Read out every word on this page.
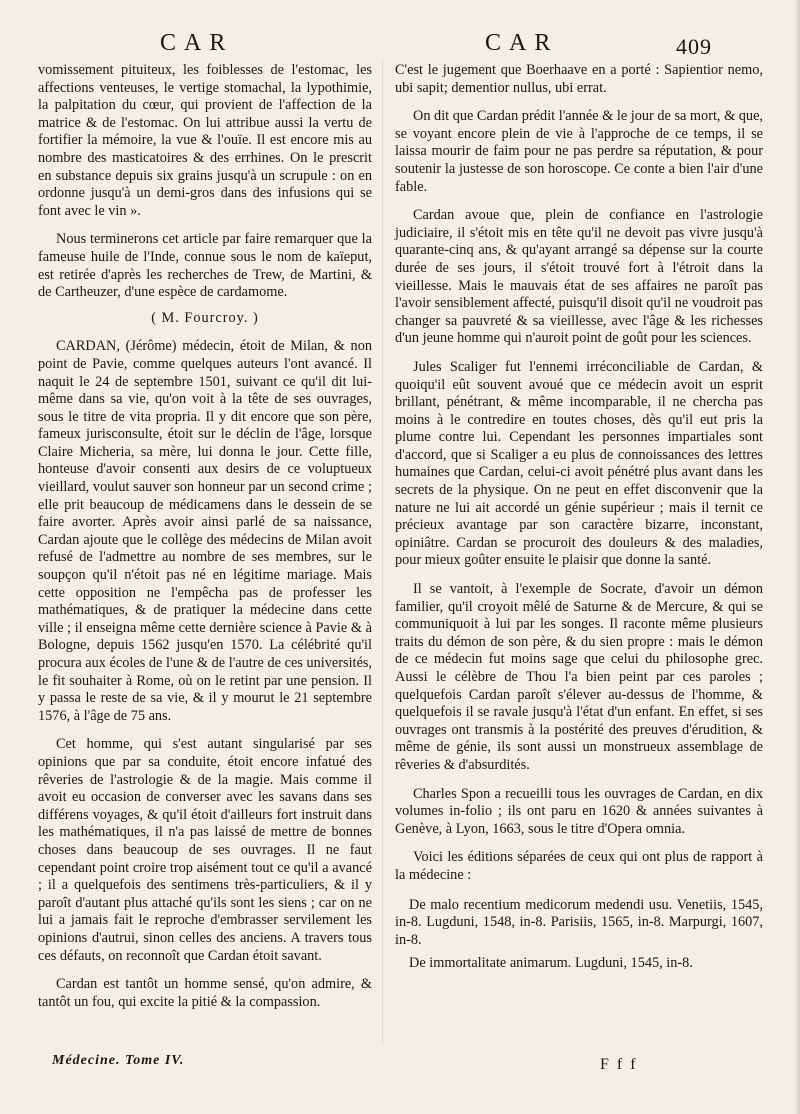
CAR	CAR	409

vomissement pituiteux, les foiblesses de l'estomac, les affections venteuses, le vertige stomachal, la lypothimie, la palpitation du cœur, qui provient de l'affection de la matrice & de l'estomac. On lui attribue aussi la vertu de fortifier la mémoire, la vue & l'ouïe. Il est encore mis au nombre des masticatoires & des errhines. On le prescrit en substance depuis six grains jusqu'à un scrupule : on en ordonne jusqu'à un demi-gros dans des infusions qui se font avec le vin ».

Nous terminerons cet article par faire remarquer que la fameuse huile de l'Inde, connue sous le nom de kaïeput, est retirée d'après les recherches de Trew, de Martini, & de Cartheuzer, d'une espèce de cardamome.

( M. Fourcroy. )

CARDAN, (Jérôme) médecin, étoit de Milan, & non point de Pavie, comme quelques auteurs l'ont avancé. Il naquit le 24 de septembre 1501, suivant ce qu'il dit lui-même dans sa vie, qu'on voit à la tête de ses ouvrages, sous le titre de vita propria. Il y dit encore que son père, fameux jurisconsulte, étoit sur le déclin de l'âge, lorsque Claire Micheria, sa mère, lui donna le jour. Cette fille, honteuse d'avoir consenti aux desirs de ce voluptueux vieillard, voulut sauver son honneur par un second crime ; elle prit beaucoup de médicamens dans le dessein de se faire avorter. Après avoir ainsi parlé de sa naissance, Cardan ajoute que le collège des médecins de Milan avoit refusé de l'admettre au nombre de ses membres, sur le soupçon qu'il n'étoit pas né en légitime mariage. Mais cette opposition ne l'empêcha pas de professer les mathématiques, & de pratiquer la médecine dans cette ville ; il enseigna même cette dernière science à Pavie & à Bologne, depuis 1562 jusqu'en 1570. La célébrité qu'il procura aux écoles de l'une & de l'autre de ces universités, le fit souhaiter à Rome, où on le retint par une pension. Il y passa le reste de sa vie, & il y mourut le 21 septembre 1576, à l'âge de 75 ans.

Cet homme, qui s'est autant singularisé par ses opinions que par sa conduite, étoit encore infatué des rêveries de l'astrologie & de la magie. Mais comme il avoit eu occasion de converser avec les savans dans ses différens voyages, & qu'il étoit d'ailleurs fort instruit dans les mathématiques, il n'a pas laissé de mettre de bonnes choses dans beaucoup de ses ouvrages. Il ne faut cependant point croire trop aisément tout ce qu'il a avancé ; il a quelquefois des sentimens très-particuliers, & il y paroît d'autant plus attaché qu'ils sont les siens ; car on ne lui a jamais fait le reproche d'embrasser servilement les opinions d'autrui, sinon celles des anciens. A travers tous ces défauts, on reconnoît que Cardan étoit savant.

Cardan est tantôt un homme sensé, qu'on admire, & tantôt un fou, qui excite la pitié & la compassion.

C'est le jugement que Boerhaave en a porté : Sapientior nemo, ubi sapit; dementior nullus, ubi errat.

On dit que Cardan prédit l'année & le jour de sa mort, & que, se voyant encore plein de vie à l'approche de ce temps, il se laissa mourir de faim pour ne pas perdre sa réputation, & pour soutenir la justesse de son horoscope. Ce conte a bien l'air d'une fable.

Cardan avoue que, plein de confiance en l'astrologie judiciaire, il s'étoit mis en tête qu'il ne devoit pas vivre jusqu'à quarante-cinq ans, & qu'ayant arrangé sa dépense sur la courte durée de ses jours, il s'étoit trouvé fort à l'étroit dans la vieillesse. Mais le mauvais état de ses affaires ne paroît pas l'avoir sensiblement affecté, puisqu'il disoit qu'il ne voudroit pas changer sa pauvreté & sa vieillesse, avec l'âge & les richesses d'un jeune homme qui n'auroit point de goût pour les sciences.

Jules Scaliger fut l'ennemi irréconciliable de Cardan, & quoiqu'il eût souvent avoué que ce médecin avoit un esprit brillant, pénétrant, & même incomparable, il ne chercha pas moins à le contredire en toutes choses, dès qu'il eut pris la plume contre lui. Cependant les personnes impartiales sont d'accord, que si Scaliger a eu plus de connoissances des lettres humaines que Cardan, celui-ci avoit pénétré plus avant dans les secrets de la physique. On ne peut en effet disconvenir que la nature ne lui ait accordé un génie supérieur ; mais il ternit ce précieux avantage par son caractère bizarre, inconstant, opiniâtre. Cardan se procuroit des douleurs & des maladies, pour mieux goûter ensuite le plaisir que donne la santé.

Il se vantoit, à l'exemple de Socrate, d'avoir un démon familier, qu'il croyoit mêlé de Saturne & de Mercure, & qui se communiquoit à lui par les songes. Il raconte même plusieurs traits du démon de son père, & du sien propre : mais le démon de ce médecin fut moins sage que celui du philosophe grec. Aussi le célèbre de Thou l'a bien peint par ces paroles ; quelquefois Cardan paroît s'élever au-dessus de l'homme, & quelquefois il se ravale jusqu'à l'état d'un enfant. En effet, si ses ouvrages ont transmis à la postérité des preuves d'érudition, & même de génie, ils sont aussi un monstrueux assemblage de rêveries & d'absurdités.

Charles Spon a recueilli tous les ouvrages de Cardan, en dix volumes in-folio ; ils ont paru en 1620 & années suivantes à Genève, à Lyon, 1663, sous le titre d'Opera omnia.

Voici les éditions séparées de ceux qui ont plus de rapport à la médecine :

De malo recentium medicorum medendi usu. Venetiis, 1545, in-8. Lugduni, 1548, in-8. Parisiis, 1565, in-8. Marpurgi, 1607, in-8.

De immortalitate animarum. Lugduni, 1545, in-8.

Médecine. Tome IV.	F f f
